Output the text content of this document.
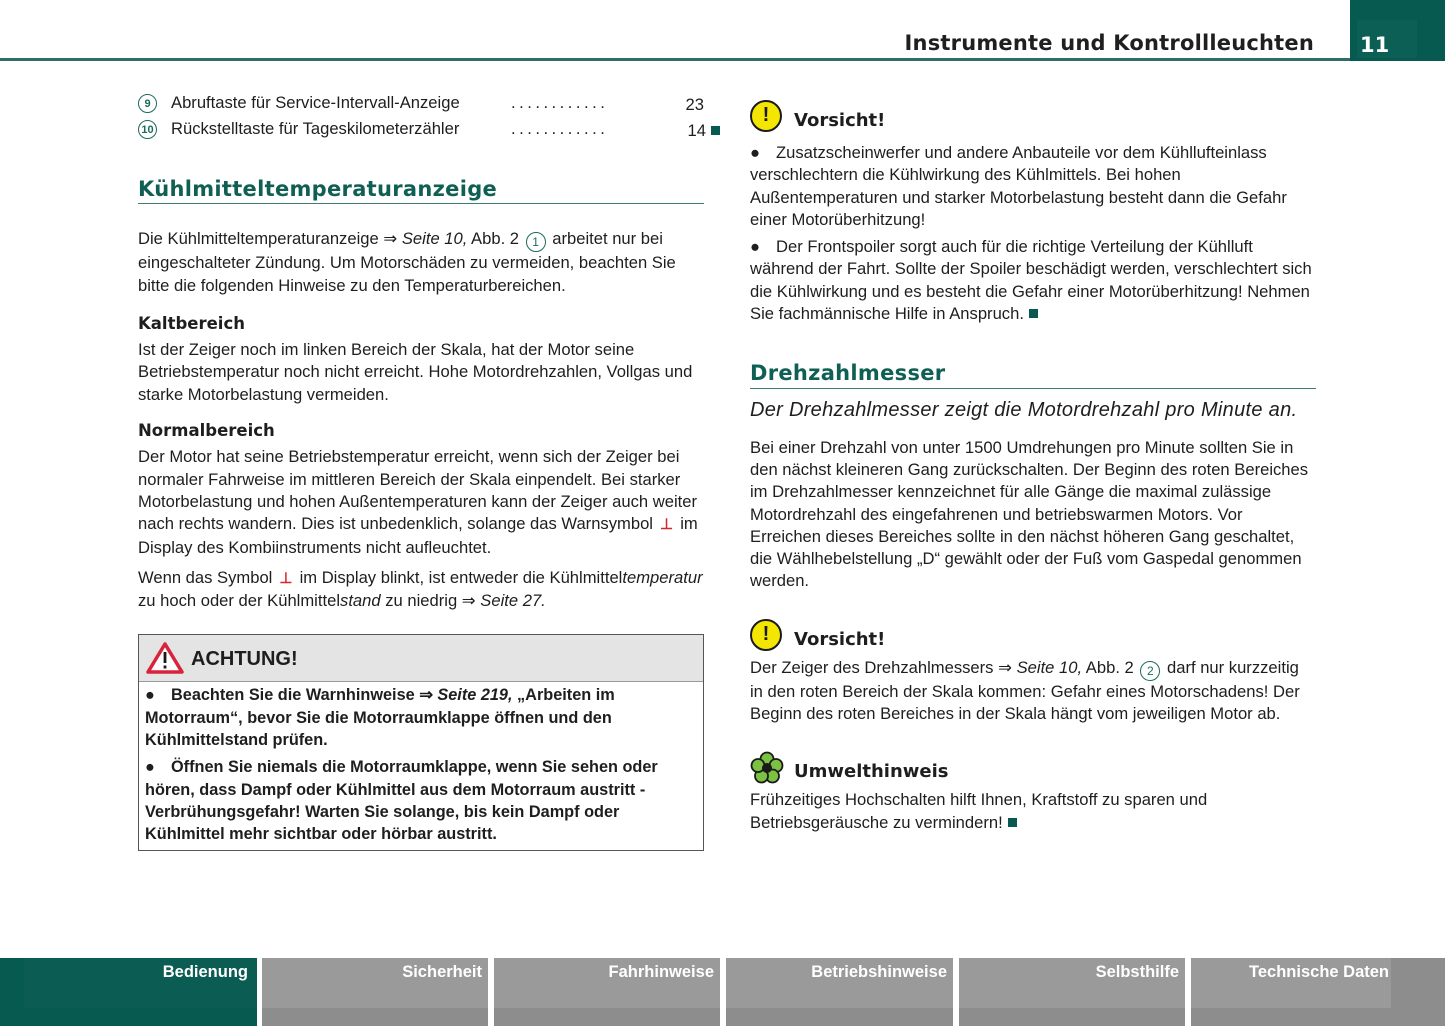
Instrumente und Kontrollleuchten 11
9	Abruftaste für Service-Intervall-Anzeige	............	23
10 Rückstelltaste für Tageskilometerzähler	............	14
Kühlmitteltemperaturanzeige

Die Kühlmitteltemperaturanzeige ⇒ Seite 10, Abb. 2 1 arbeitet nur bei eingeschalteter Zündung. Um Motorschäden zu vermeiden, beachten Sie bitte die folgenden Hinweise zu den Temperaturbereichen.

Kaltbereich

Ist der Zeiger noch im linken Bereich der Skala, hat der Motor seine Betriebstemperatur noch nicht erreicht. Hohe Motordrehzahlen, Vollgas und starke Motorbelastung vermeiden.

Normalbereich

Der Motor hat seine Betriebstemperatur erreicht, wenn sich der Zeiger bei normaler Fahrweise im mittleren Bereich der Skala einpendelt. Bei starker Motorbelastung und hohen Außentemperaturen kann der Zeiger auch weiter nach rechts wandern. Dies ist unbedenklich, solange das Warnsymbol ⊥ im Display des Kombiinstruments nicht aufleuchtet.

Wenn das Symbol ⊥ im Display blinkt, ist entweder die Kühlmitteltemperatur zu hoch oder der Kühlmittelstand zu niedrig ⇒ Seite 27.

ACHTUNG!

● Beachten Sie die Warnhinweise ⇒ Seite 219, „Arbeiten im Motorraum“, bevor Sie die Motorraumklappe öffnen und den Kühlmittelstand prüfen.

● Öffnen Sie niemals die Motorraumklappe, wenn Sie sehen oder hören, dass Dampf oder Kühlmittel aus dem Motorraum austritt - Verbrühungsgefahr! Warten Sie solange, bis kein Dampf oder Kühlmittel mehr sichtbar oder hörbar austritt.

!	Vorsicht!

● Zusatzscheinwerfer und andere Anbauteile vor dem Kühllufteinlass verschlechtern die Kühlwirkung des Kühlmittels. Bei hohen Außentemperaturen und starker Motorbelastung besteht dann die Gefahr einer Motorüberhitzung!

● Der Frontspoiler sorgt auch für die richtige Verteilung der Kühlluft während der Fahrt. Sollte der Spoiler beschädigt werden, verschlechtert sich die Kühlwirkung und es besteht die Gefahr einer Motorüberhitzung! Nehmen Sie fachmännische Hilfe in Anspruch.

Drehzahlmesser

Der Drehzahlmesser zeigt die Motordrehzahl pro Minute an.

Bei einer Drehzahl von unter 1500 Umdrehungen pro Minute sollten Sie in den nächst kleineren Gang zurückschalten. Der Beginn des roten Bereiches im Drehzahlmesser kennzeichnet für alle Gänge die maximal zulässige Motordrehzahl des eingefahrenen und betriebswarmen Motors. Vor Erreichen dieses Bereiches sollte in den nächst höheren Gang geschaltet, die Wählhebelstellung „D“ gewählt oder der Fuß vom Gaspedal genommen werden.

!	Vorsicht!

Der Zeiger des Drehzahlmessers ⇒ Seite 10, Abb. 2 2 darf nur kurzzeitig in den roten Bereich der Skala kommen: Gefahr eines Motorschadens! Der Beginn des roten Bereiches in der Skala hängt vom jeweiligen Motor ab.

Umwelthinweis

Frühzeitiges Hochschalten hilft Ihnen, Kraftstoff zu sparen und Betriebsgeräusche zu vermindern!

Bedienung	Sicherheit	Fahrhinweise	Betriebshinweise	Selbsthilfe	Technische Daten
